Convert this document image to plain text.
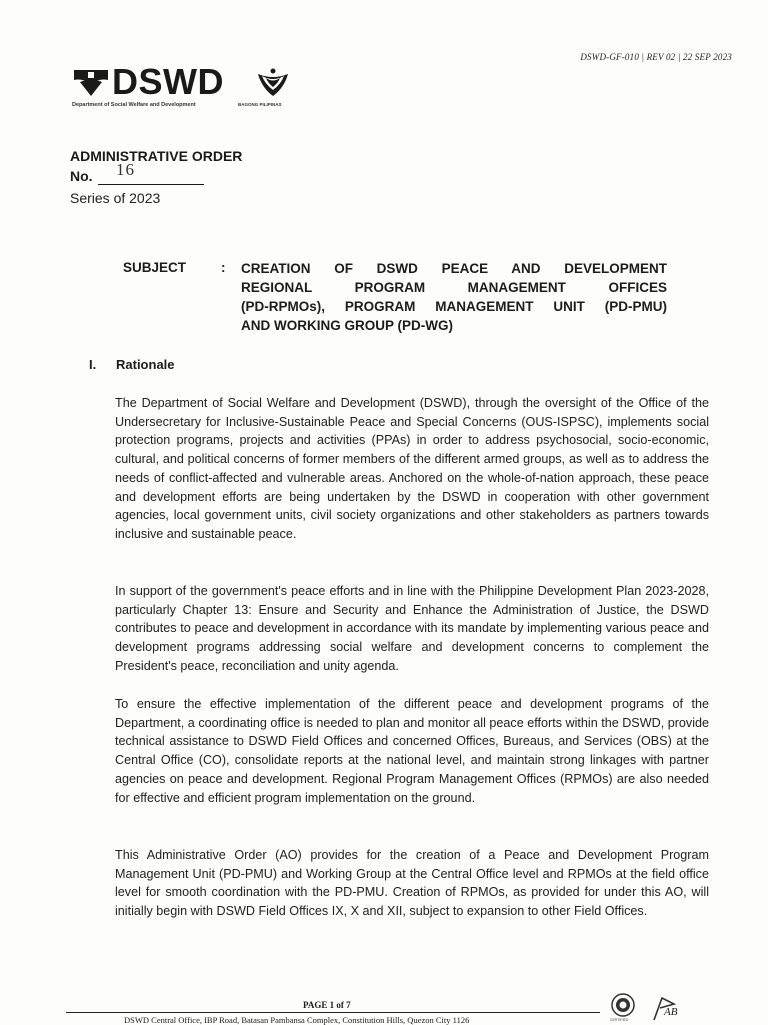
DSWD-GF-010 | REV 02 | 22 SEP 2023
DSWD
Department of Social Welfare and Development	BAGONG PILIPINAS
ADMINISTRATIVE ORDER
No. 16
Series of 2023
SUBJECT	: CREATION OF DSWD PEACE AND DEVELOPMENT
REGIONAL PROGRAM MANAGEMENT OFFICES
(PD-RPMOs), PROGRAM MANAGEMENT UNIT (PD-PMU)
AND WORKING GROUP (PD-WG)
I. Rationale
The Department of Social Welfare and Development (DSWD), through the oversight of the Office of the Undersecretary for Inclusive-Sustainable Peace and Special Concerns (OUS-ISPSC), implements social protection programs, projects and activities (PPAs) in order to address psychosocial, socio-economic, cultural, and political concerns of former members of the different armed groups, as well as to address the needs of conflict-affected and vulnerable areas. Anchored on the whole-of-nation approach, these peace and development efforts are being undertaken by the DSWD in cooperation with other government agencies, local government units, civil society organizations and other stakeholders as partners towards inclusive and sustainable peace.
In support of the government's peace efforts and in line with the Philippine Development Plan 2023-2028, particularly Chapter 13: Ensure and Security and Enhance the Administration of Justice, the DSWD contributes to peace and development in accordance with its mandate by implementing various peace and development programs addressing social welfare and development concerns to complement the President's peace, reconciliation and unity agenda.
To ensure the effective implementation of the different peace and development programs of the Department, a coordinating office is needed to plan and monitor all peace efforts within the DSWD, provide technical assistance to DSWD Field Offices and concerned Offices, Bureaus, and Services (OBS) at the Central Office (CO), consolidate reports at the national level, and maintain strong linkages with partner agencies on peace and development. Regional Program Management Offices (RPMOs) are also needed for effective and efficient program implementation on the ground.
This Administrative Order (AO) provides for the creation of a Peace and Development Program Management Unit (PD-PMU) and Working Group at the Central Office level and RPMOs at the field office level for smooth coordination with the PD-PMU. Creation of RPMOs, as provided for under this AO, will initially begin with DSWD Field Offices IX, X and XII, subject to expansion to other Field Offices.
PAGE 1 of 7
DSWD Central Office, IBP Road, Batasan Pambansa Complex, Constitution Hills, Quezon City 1126	CERTIFIED
AB
